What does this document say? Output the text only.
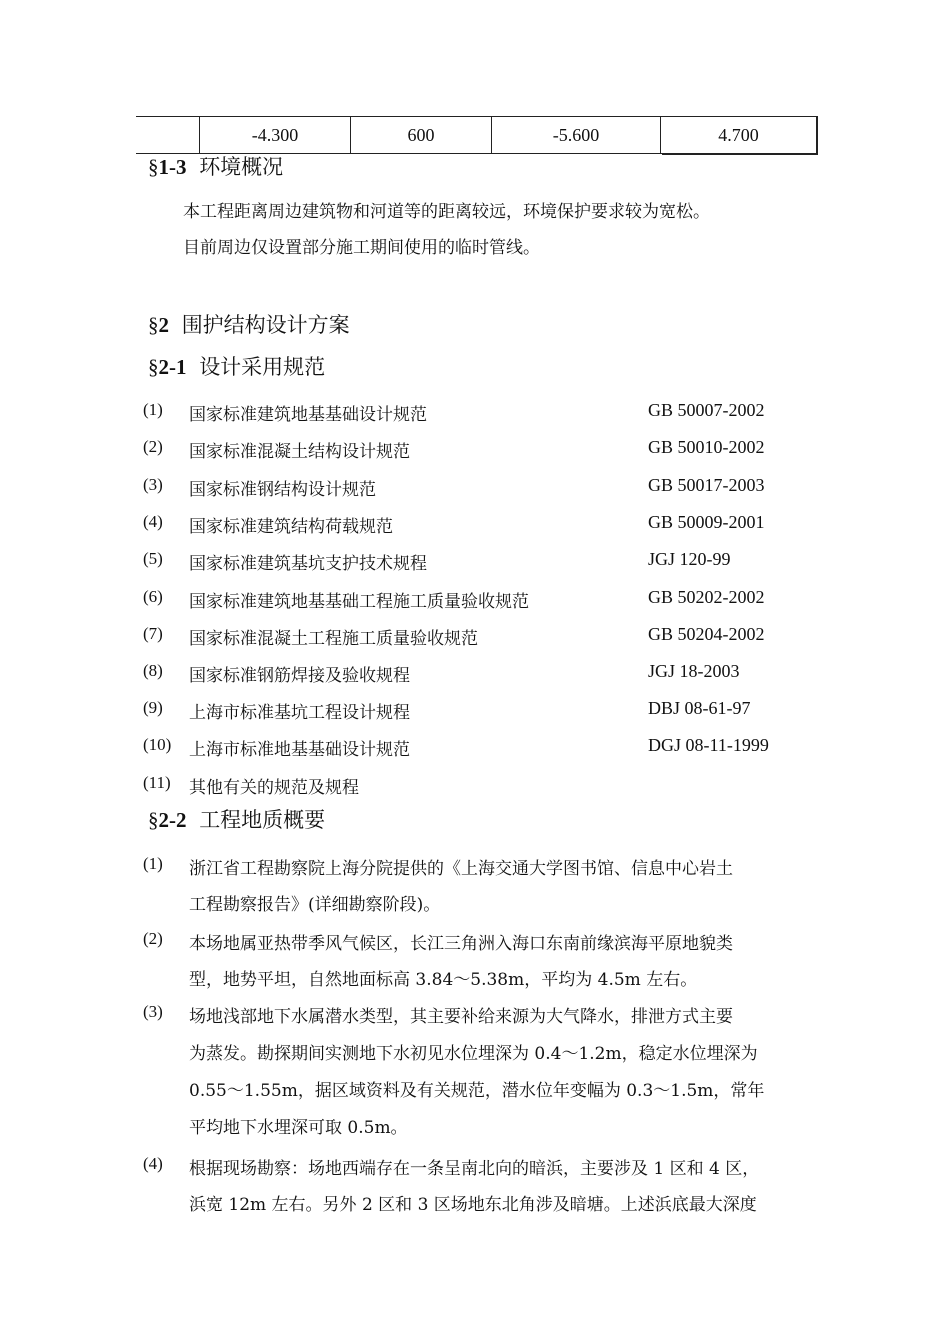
	-4.300	600	-5.600	4.700
§1-3 环境概况
本工程距离周边建筑物和河道等的距离较远，环境保护要求较为宽松。
目前周边仅设置部分施工期间使用的临时管线。
§2 围护结构设计方案
§2-1 设计采用规范
(1) 国家标准建筑地基基础设计规范	GB 50007-2002
(2) 国家标准混凝土结构设计规范	GB 50010-2002
(3) 国家标准钢结构设计规范	GB 50017-2003
(4) 国家标准建筑结构荷载规范	GB 50009-2001
(5) 国家标准建筑基坑支护技术规程	JGJ 120-99
(6) 国家标准建筑地基基础工程施工质量验收规范	GB 50202-2002
(7) 国家标准混凝土工程施工质量验收规范	GB 50204-2002
(8) 国家标准钢筋焊接及验收规程	JGJ 18-2003
(9) 上海市标准基坑工程设计规程	DBJ 08-61-97
(10) 上海市标准地基基础设计规范	DGJ 08-11-1999
(11) 其他有关的规范及规程
§2-2 工程地质概要
(1) 浙江省工程勘察院上海分院提供的《上海交通大学图书馆、信息中心岩土
工程勘察报告》(详细勘察阶段)。
(2) 本场地属亚热带季风气候区，长江三角洲入海口东南前缘滨海平原地貌类
型，地势平坦，自然地面标高 3.84～5.38m，平均为 4.5m 左右。
(3) 场地浅部地下水属潜水类型，其主要补给来源为大气降水，排泄方式主要
为蒸发。勘探期间实测地下水初见水位埋深为 0.4～1.2m，稳定水位埋深为
0.55～1.55m，据区域资料及有关规范，潜水位年变幅为 0.3～1.5m，常年
平均地下水埋深可取 0.5m。
(4) 根据现场勘察：场地西端存在一条呈南北向的暗浜，主要涉及 1 区和 4 区，
浜宽 12m 左右。另外 2 区和 3 区场地东北角涉及暗塘。上述浜底最大深度
